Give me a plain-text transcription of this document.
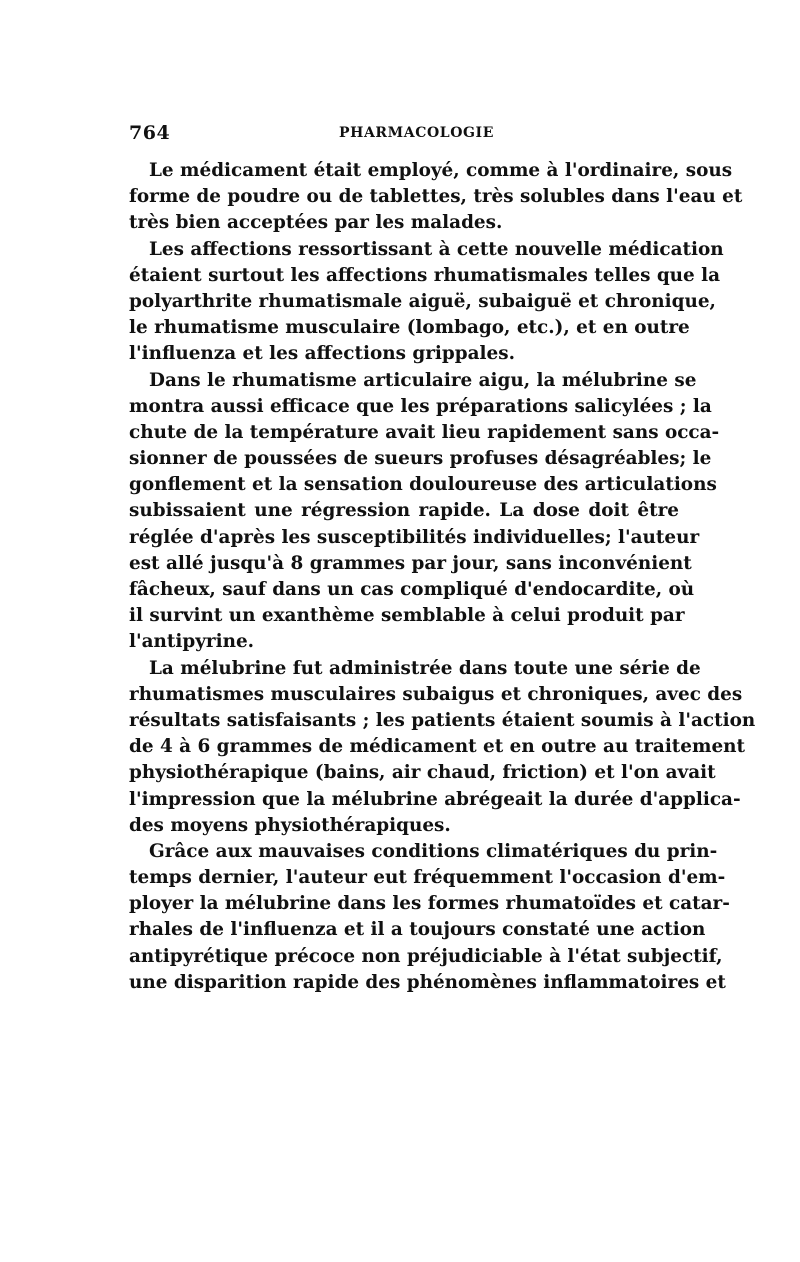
764	PHARMACOLOGIE
Le médicament était employé, comme à l'ordinaire, sous
forme de poudre ou de tablettes, très solubles dans l'eau et
très bien acceptées par les malades.
Les affections ressortissant à cette nouvelle médication
étaient surtout les affections rhumatismales telles que la
polyarthrite rhumatismale aiguë, subaiguë et chronique,
le rhumatisme musculaire (lombago, etc.), et en outre
l'influenza et les affections grippales.
Dans le rhumatisme articulaire aigu, la mélubrine se
montra aussi efficace que les préparations salicylées ; la
chute de la température avait lieu rapidement sans occa-
sionner de poussées de sueurs profuses désagréables; le
gonflement et la sensation douloureuse des articulations
subissaient une régression rapide. La dose doit être
réglée d'après les susceptibilités individuelles; l'auteur
est allé jusqu'à 8 grammes par jour, sans inconvénient
fâcheux, sauf dans un cas compliqué d'endocardite, où
il survint un exanthème semblable à celui produit par
l'antipyrine.
La mélubrine fut administrée dans toute une série de
rhumatismes musculaires subaigus et chroniques, avec des
résultats satisfaisants ; les patients étaient soumis à l'action
de 4 à 6 grammes de médicament et en outre au traitement
physiothérapique (bains, air chaud, friction) et l'on avait
l'impression que la mélubrine abrégeait la durée d'applica-
des moyens physiothérapiques.
Grâce aux mauvaises conditions climatériques du prin-
temps dernier, l'auteur eut fréquemment l'occasion d'em-
ployer la mélubrine dans les formes rhumatoïdes et catar-
rhales de l'influenza et il a toujours constaté une action
antipyrétique précoce non préjudiciable à l'état subjectif,
une disparition rapide des phénomènes inflammatoires et
